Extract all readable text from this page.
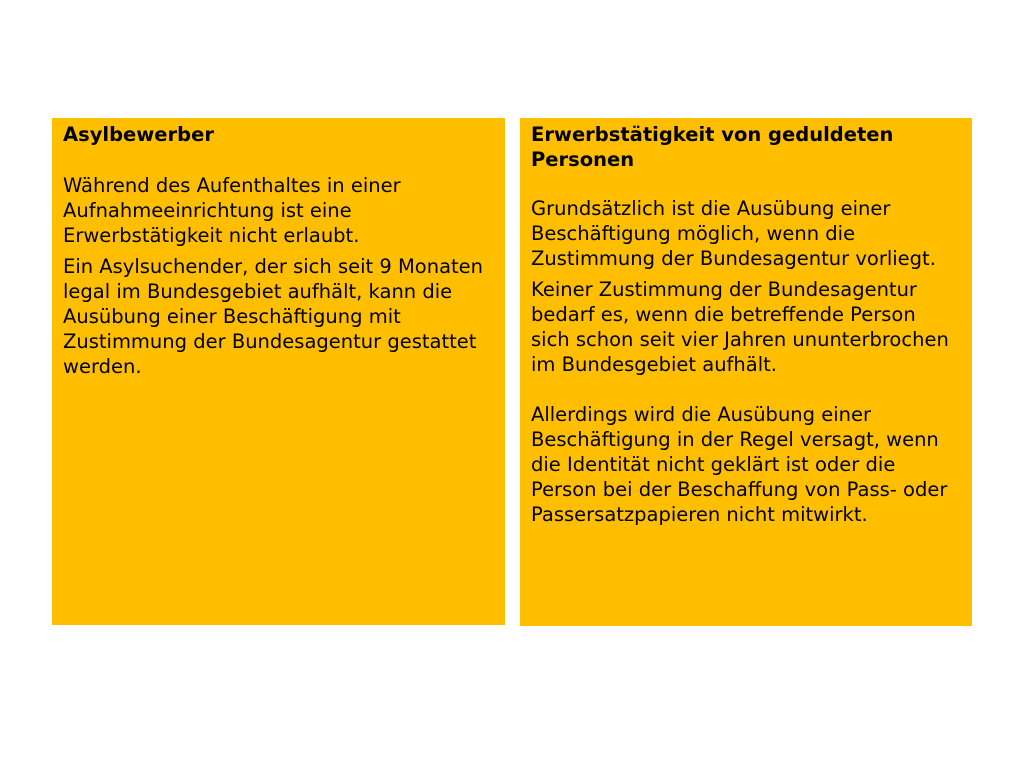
Asylbewerber

Während des Aufenthaltes in einer Aufnahmeeinrichtung ist eine Erwerbstätigkeit nicht erlaubt.

Ein Asylsuchender, der sich seit 9 Monaten legal im Bundesgebiet aufhält, kann die Ausübung einer Beschäftigung mit Zustimmung der Bundesagentur gestattet werden.

Erwerbstätigkeit von geduldeten Personen

Grundsätzlich ist die Ausübung einer Beschäftigung möglich, wenn die Zustimmung der Bundesagentur vorliegt.

Keiner Zustimmung der Bundesagentur bedarf es, wenn die betreffende Person sich schon seit vier Jahren ununterbrochen im Bundesgebiet aufhält.

Allerdings wird die Ausübung einer Beschäftigung in der Regel versagt, wenn die Identität nicht geklärt ist oder die Person bei der Beschaffung von Pass- oder Passersatzpapieren nicht mitwirkt.
